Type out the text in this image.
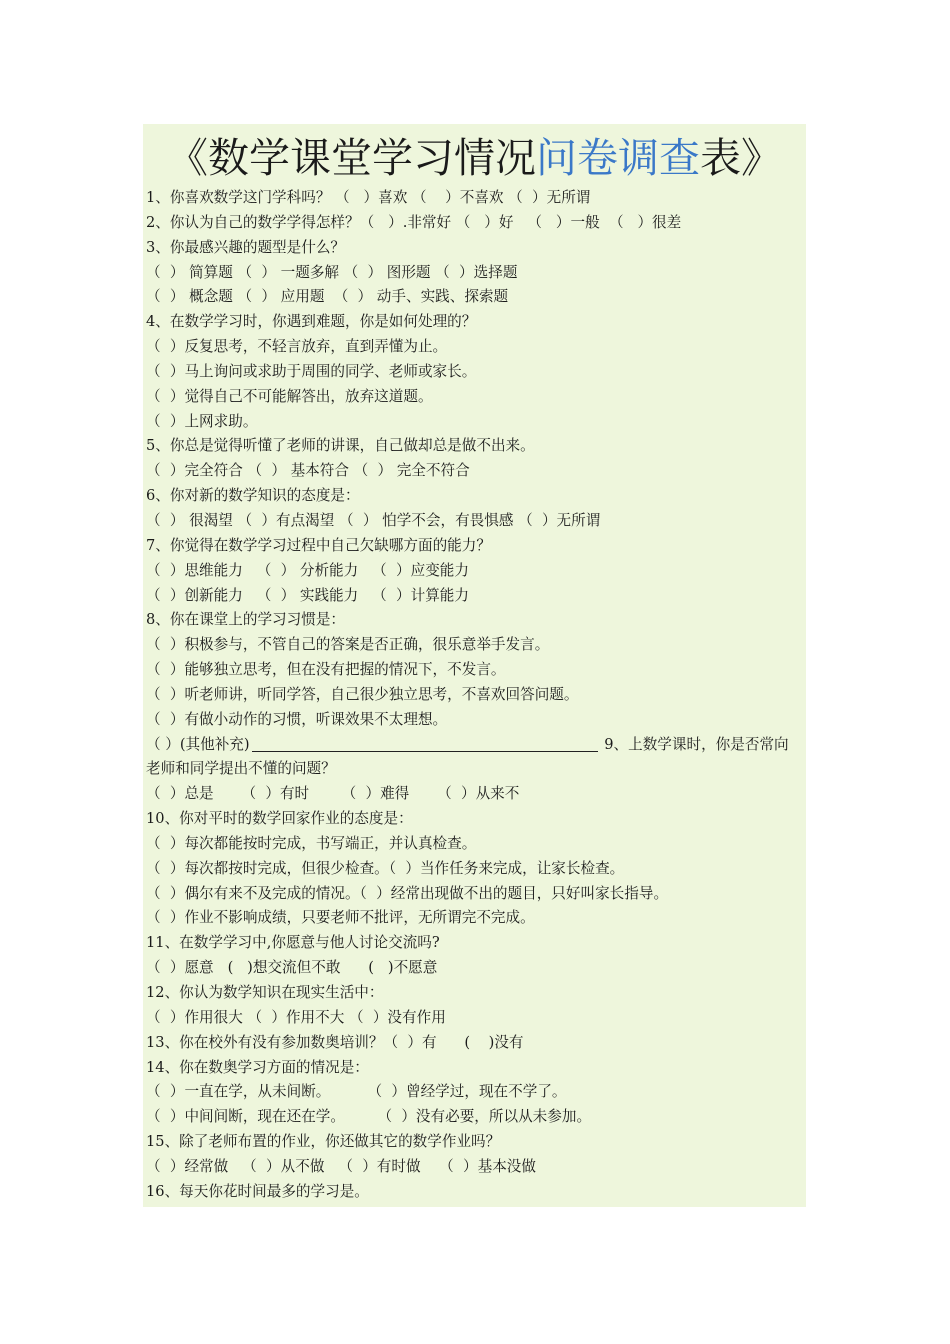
《数学课堂学习情况问卷调查表》
1、你喜欢数学这门学科吗？ （   ）喜欢 （    ）不喜欢 （  ）无所谓
2、你认为自己的数学学得怎样？（   ）.非常好 （   ）好   （   ）一般  （   ）很差
3、你最感兴趣的题型是什么？
（  ） 简算题 （  ） 一题多解 （  ） 图形题 （  ）选择题
（  ） 概念题 （  ） 应用题  （  ） 动手、实践、探索题
4、在数学学习时，你遇到难题，你是如何处理的？
（  ）反复思考，不轻言放弃，直到弄懂为止。
（  ）马上询问或求助于周围的同学、老师或家长。
（  ）觉得自己不可能解答出，放弃这道题。
（  ）上网求助。
5、你总是觉得听懂了老师的讲课，自己做却总是做不出来。
（  ）完全符合 （  ） 基本符合 （  ） 完全不符合
6、你对新的数学知识的态度是：
（  ） 很渴望 （  ）有点渴望 （  ） 怕学不会，有畏惧感 （  ）无所谓
7、你觉得在数学学习过程中自己欠缺哪方面的能力？
（  ）思维能力   （  ） 分析能力   （  ）应变能力
（  ）创新能力   （  ） 实践能力   （  ）计算能力
8、你在课堂上的学习习惯是：
（  ）积极参与，不管自己的答案是否正确，很乐意举手发言。
（  ）能够独立思考，但在没有把握的情况下，不发言。
（  ）听老师讲，听同学答，自己很少独立思考，不喜欢回答问题。
（  ）有做小动作的习惯，听课效果不太理想。
（ ）(其他补充)	9、上数学课时，你是否常向
老师和同学提出不懂的问题？
（  ）总是      （  ）有时       （  ）难得      （  ）从来不
10、你对平时的数学回家作业的态度是：
（  ）每次都能按时完成，书写端正，并认真检查。
（  ）每次都按时完成，但很少检查。（  ）当作任务来完成，让家长检查。
（  ）偶尔有来不及完成的情况。（  ）经常出现做不出的题目，只好叫家长指导。
（  ）作业不影响成绩，只要老师不批评，无所谓完不完成。
11、在数学学习中,你愿意与他人讨论交流吗?
（  ）愿意   (   )想交流但不敢      (   )不愿意
12、你认为数学知识在现实生活中：
（  ）作用很大 （  ）作用不大 （  ）没有作用
13、你在校外有没有参加数奥培训？（  ）有      (    )没有
14、你在数奥学习方面的情况是：
（  ）一直在学，从未间断。        （  ）曾经学过，现在不学了。
（  ）中间间断，现在还在学。       （  ）没有必要，所以从未参加。
15、除了老师布置的作业，你还做其它的数学作业吗？
（  ）经常做   （  ）从不做   （  ）有时做    （  ）基本没做
16、每天你花时间最多的学习是。
